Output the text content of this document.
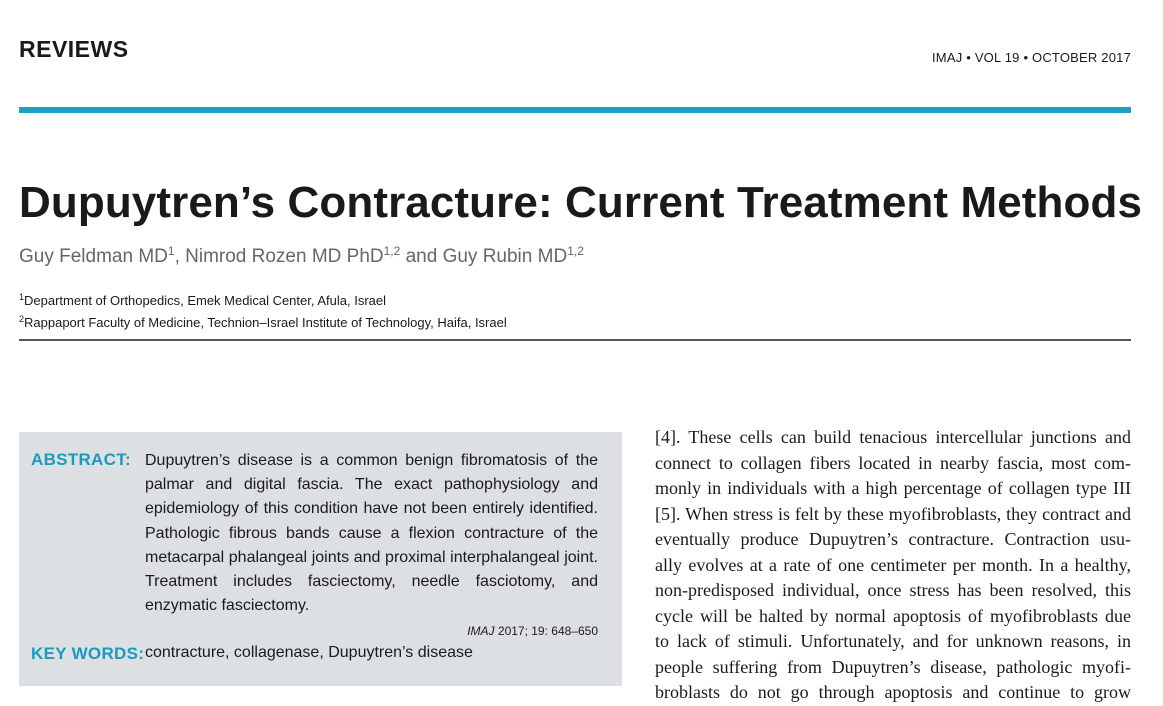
REVIEWS	IMAJ • VOL 19 • OCTOBER 2017
Dupuytren’s Contracture: Current Treatment Methods
Guy Feldman $MD^1$, Nimrod Rozen MD PhD$^{1,2}$ and Guy Rubin MD$^{1,2}$
$^1$Department of Orthopedics, Emek Medical Center, Afula, Israel
$^2$Rappaport Faculty of Medicine, Technion–Israel Institute of Technology, Haifa, Israel
ABSTRACT: Dupuytren’s disease is a common benign fibromatosis of the palmar and digital fascia. The exact pathophysiology and epidemiology of this condition have not been entirely identified. Pathologic fibrous bands cause a flexion contracture of the metacarpal phalangeal joints and proximal interphalangeal joint. Treatment includes fasciectomy, needle fasciotomy, and enzymatic fasciectomy.
IMAJ 2017; 19: 648–650
KEY WORDS: contracture, collagenase, Dupuytren’s disease
[4]. These cells can build tenacious intercellular junctions and
connect to collagen fibers located in nearby fascia, most com-
monly in individuals with a high percentage of collagen type III
[5]. When stress is felt by these myofibroblasts, they contract and
eventually produce Dupuytren’s contracture. Contraction usu-
ally evolves at a rate of one centimeter per month. In a healthy,
non-predisposed individual, once stress has been resolved, this
cycle will be halted by normal apoptosis of myofibroblasts due
to lack of stimuli. Unfortunately, and for unknown reasons, in
people suffering from Dupuytren’s disease, pathologic myofi-
broblasts do not go through apoptosis and continue to grow
